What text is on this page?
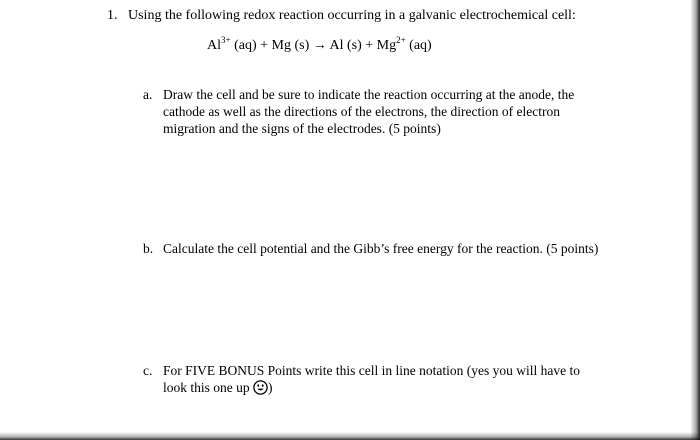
1. Using the following redox reaction occurring in a galvanic electrochemical cell:
$Al^{3+}$ (aq) + Mg (s) → Al $(s) + Mg^{2+}$ (aq)
a. Draw the cell and be sure to indicate the reaction occurring at the anode, the cathode as well as the directions of the electrons, the direction of electron migration and the signs of the electrodes. (5 points)
b. Calculate the cell potential and the Gibb’s free energy for the reaction. (5 points)
c. For FIVE BONUS Points write this cell in line notation (yes you will have to look this one up )
